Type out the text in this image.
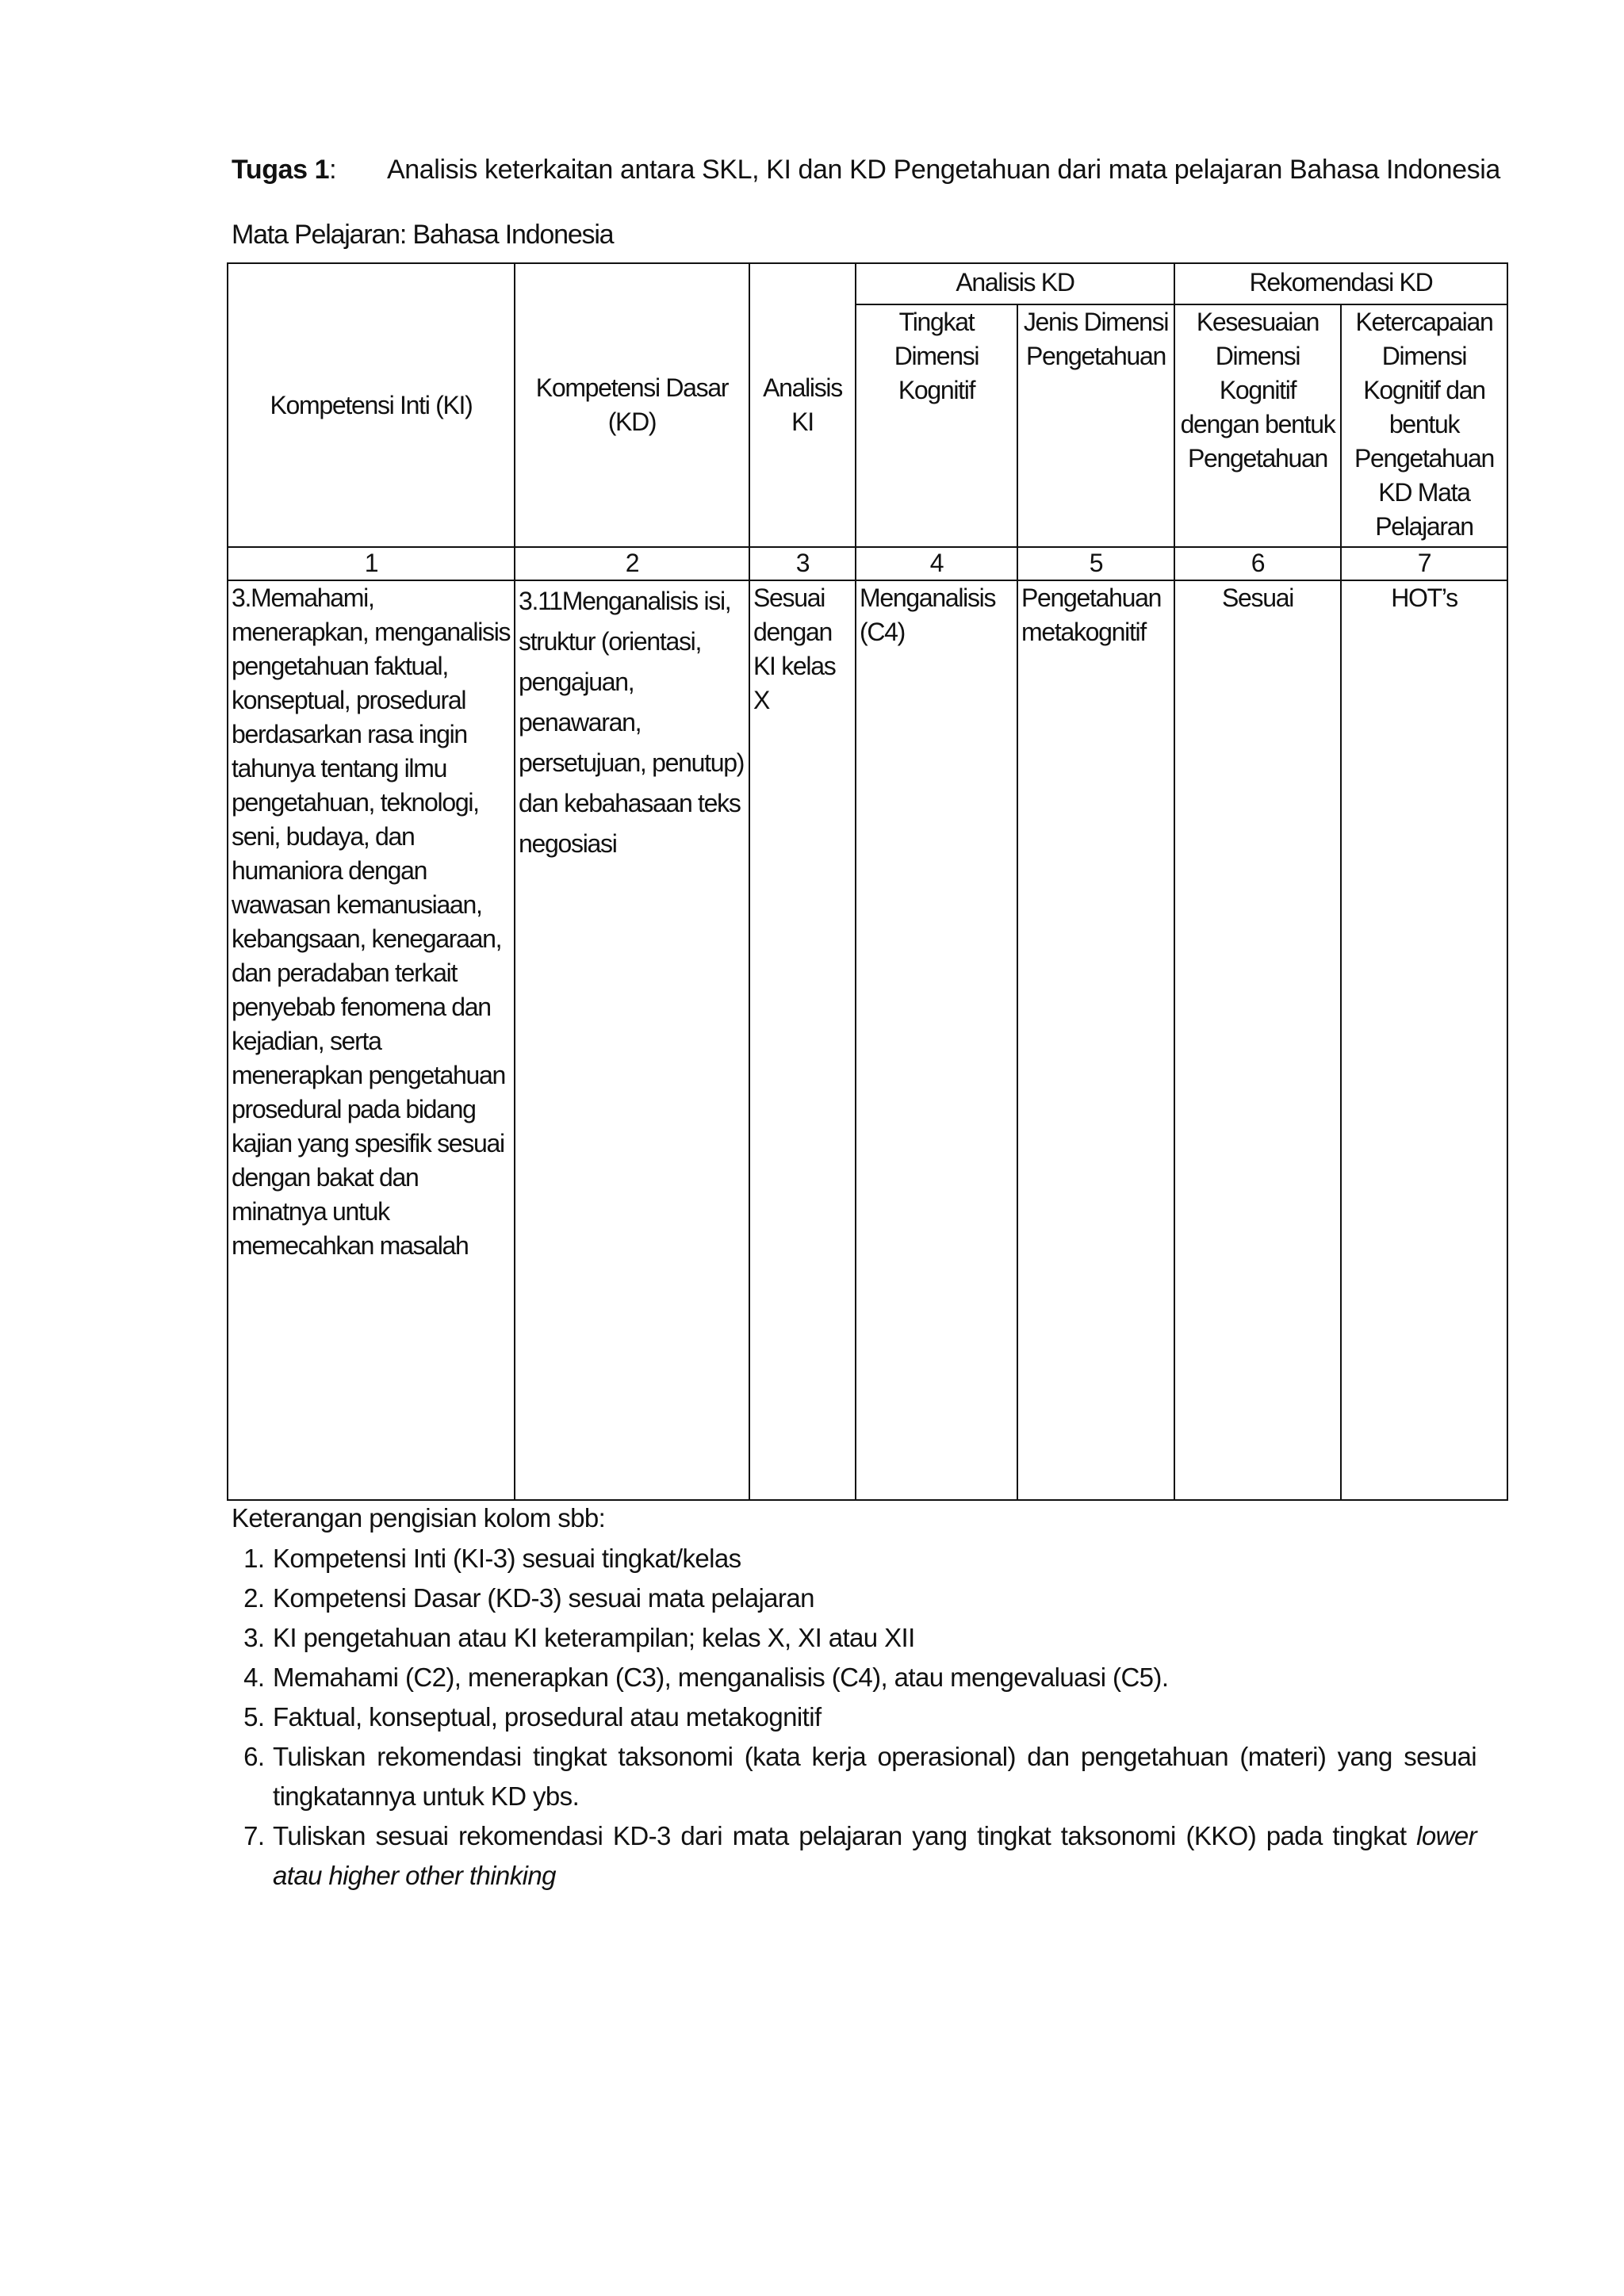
Tugas 1: Analisis keterkaitan antara SKL, KI dan KD Pengetahuan dari mata pelajaran Bahasa Indonesia
Mata Pelajaran: Bahasa Indonesia
Kompetensi Inti (KI)	Kompetensi Dasar (KD)	Analisis KI	Analisis KD		Rekomendasi KD	
			Tingkat Dimensi Kognitif	Jenis Dimensi Pengetahuan	Kesesuaian Dimensi Kognitif dengan bentuk Pengetahuan	Ketercapaian Dimensi Kognitif dan bentuk Pengetahuan KD Mata Pelajaran
1	2	3	4	5	6	7
3.Memahami, menerapkan, menganalisis pengetahuan faktual, konseptual, prosedural berdasarkan rasa ingin tahunya tentang ilmu pengetahuan, teknologi, seni, budaya, dan humaniora dengan wawasan kemanusiaan, kebangsaan, kenegaraan, dan peradaban terkait penyebab fenomena dan kejadian, serta menerapkan pengetahuan prosedural pada bidang kajian yang spesifik sesuai dengan bakat dan minatnya untuk memecahkan masalah	3.11Menganalisis isi, struktur (orientasi, pengajuan, penawaran, persetujuan, penutup) dan kebahasaan teks negosiasi	Sesuai dengan KI kelas X	Menganalisis (C4)	Pengetahuan metakognitif	Sesuai	HOT’s
Keterangan pengisian kolom sbb:
1. Kompetensi Inti (KI-3) sesuai tingkat/kelas
2. Kompetensi Dasar (KD-3) sesuai mata pelajaran
3. KI pengetahuan atau KI keterampilan; kelas X, XI atau XII
4. Memahami (C2), menerapkan (C3), menganalisis (C4), atau mengevaluasi (C5).
5. Faktual, konseptual, prosedural atau metakognitif
6. Tuliskan rekomendasi tingkat taksonomi (kata kerja operasional) dan pengetahuan (materi) yang sesuai tingkatannya untuk KD ybs.
7. Tuliskan sesuai rekomendasi KD-3 dari mata pelajaran yang tingkat taksonomi (KKO) pada tingkat lower atau higher other thinking
